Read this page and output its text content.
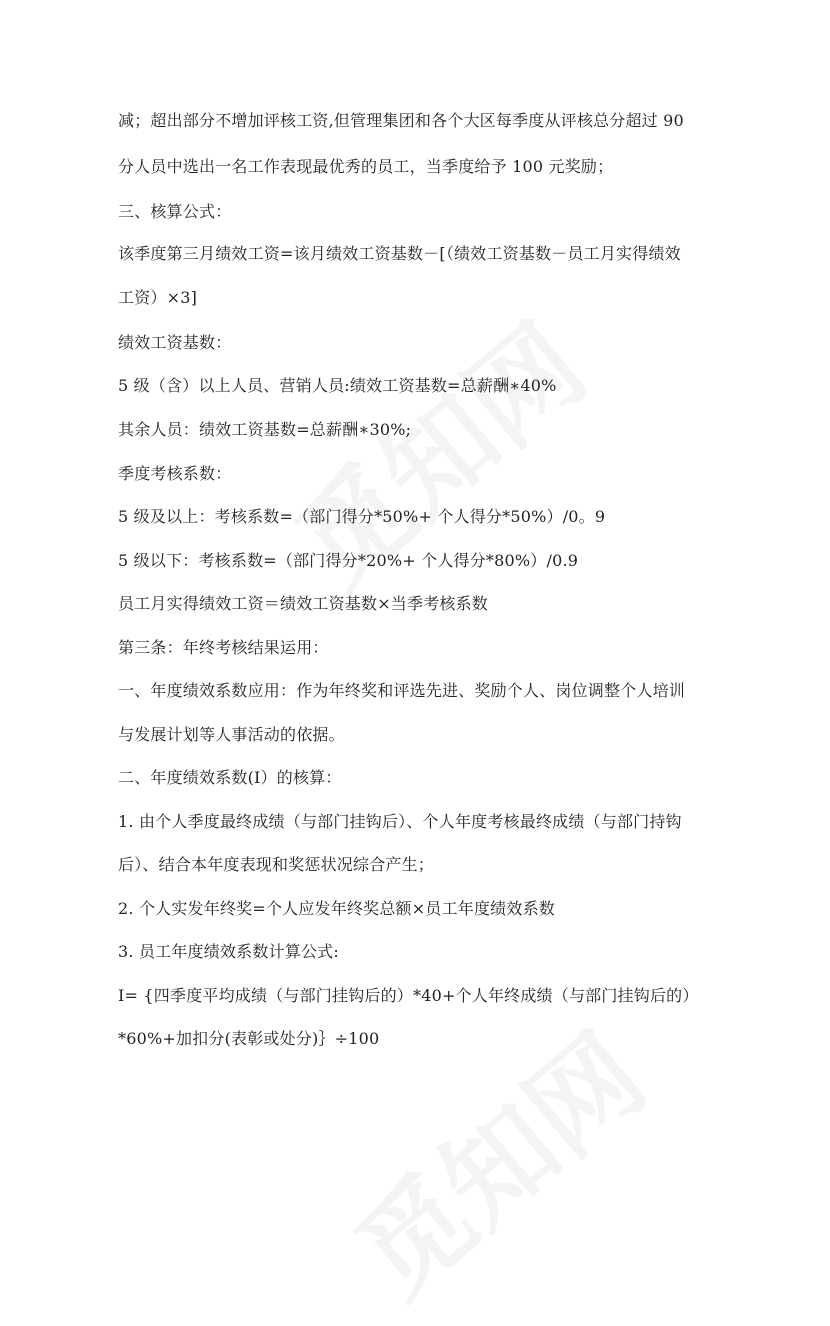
减；超出部分不增加评核工资,但管理集团和各个大区每季度从评核总分超过 90
分人员中选出一名工作表现最优秀的员工，当季度给予 100 元奖励；
三、核算公式：
该季度第三月绩效工资=该月绩效工资基数－[（绩效工资基数－员工月实得绩效
工资）×3]
绩效工资基数：
5 级（含）以上人员、营销人员:绩效工资基数=总薪酬∗40%
其余人员：绩效工资基数=总薪酬∗30%;
季度考核系数：
5 级及以上：考核系数=（部门得分*50%+ 个人得分*50%）/0。9
5 级以下：考核系数=（部门得分*20%+ 个人得分*80%）/0.9
员工月实得绩效工资＝绩效工资基数×当季考核系数
第三条：年终考核结果运用：
一、年度绩效系数应用：作为年终奖和评选先进、奖励个人、岗位调整个人培训
与发展计划等人事活动的依据。
二、年度绩效系数(I）的核算：
1. 由个人季度最终成绩（与部门挂钩后）、个人年度考核最终成绩（与部门持钩
后）、结合本年度表现和奖惩状况综合产生；
2. 个人实发年终奖=个人应发年终奖总额×员工年度绩效系数
3. 员工年度绩效系数计算公式:
I= {四季度平均成绩（与部门挂钩后的）*40+个人年终成绩（与部门挂钩后的）
*60%+加扣分(表彰或处分)｝÷100
